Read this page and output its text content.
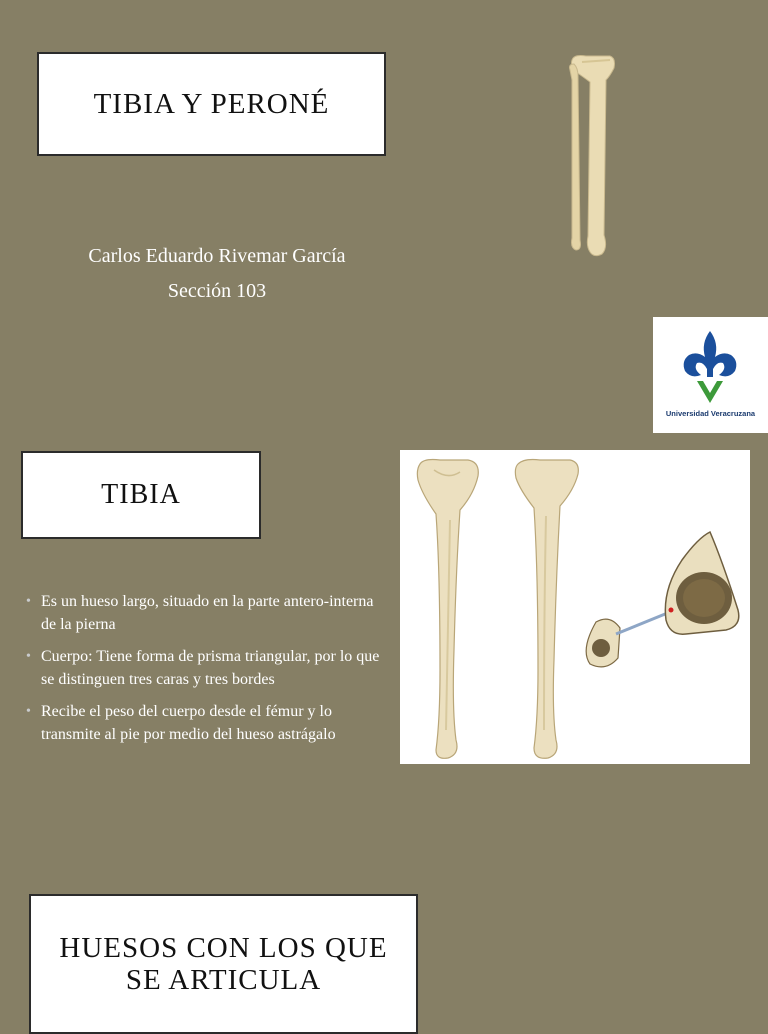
TIBIA Y PERONÉ
Carlos Eduardo Rivemar García
Sección 103
Universidad Veracruzana
TIBIA
• Es un hueso largo, situado en la parte antero-interna de la pierna
• Cuerpo: Tiene forma de prisma triangular, por lo que se distinguen tres caras y tres bordes
• Recibe el peso del cuerpo desde el fémur y lo transmite al pie por medio del hueso astrágalo
HUESOS CON LOS QUE SE ARTICULA
